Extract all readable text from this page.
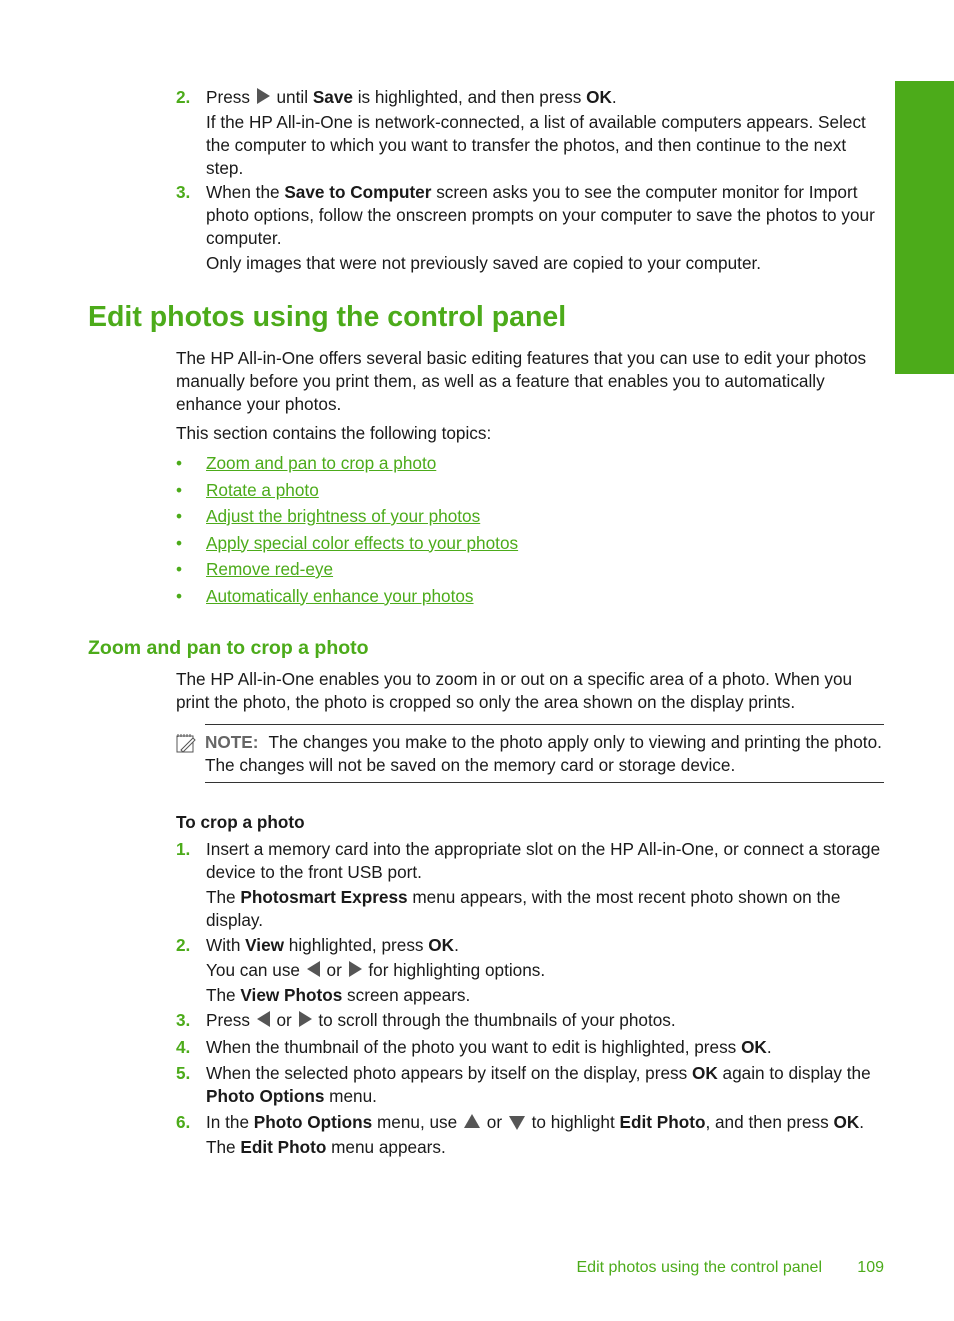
Photos
2. Press  until Save is highlighted, and then press OK.

If the HP All-in-One is network-connected, a list of available computers appears. Select the computer to which you want to transfer the photos, and then continue to the next step.

3. When the Save to Computer screen asks you to see the computer monitor for Import photo options, follow the onscreen prompts on your computer to save the photos to your computer.

Only images that were not previously saved are copied to your computer.

Edit photos using the control panel

The HP All-in-One offers several basic editing features that you can use to edit your photos manually before you print them, as well as a feature that enables you to automatically enhance your photos.

This section contains the following topics:

• Zoom and pan to crop a photo
• Rotate a photo
• Adjust the brightness of your photos
• Apply special color effects to your photos
• Remove red-eye
• Automatically enhance your photos
Zoom and pan to crop a photo

The HP All-in-One enables you to zoom in or out on a specific area of a photo. When you print the photo, the photo is cropped so only the area shown on the display prints.

NOTE: The changes you make to the photo apply only to viewing and printing the photo. The changes will not be saved on the memory card or storage device.

To crop a photo

1. Insert a memory card into the appropriate slot on the HP All-in-One, or connect a storage device to the front USB port.

The Photosmart Express menu appears, with the most recent photo shown on the display.

2. With View highlighted, press OK.

You can use  or  for highlighting options.

The View Photos screen appears.

3. Press  or  to scroll through the thumbnails of your photos.

4. When the thumbnail of the photo you want to edit is highlighted, press OK.

5. When the selected photo appears by itself on the display, press OK again to display the Photo Options menu.

6. In the Photo Options menu, use  or  to highlight Edit Photo, and then press OK.

The Edit Photo menu appears.

Edit photos using the control panel 109
